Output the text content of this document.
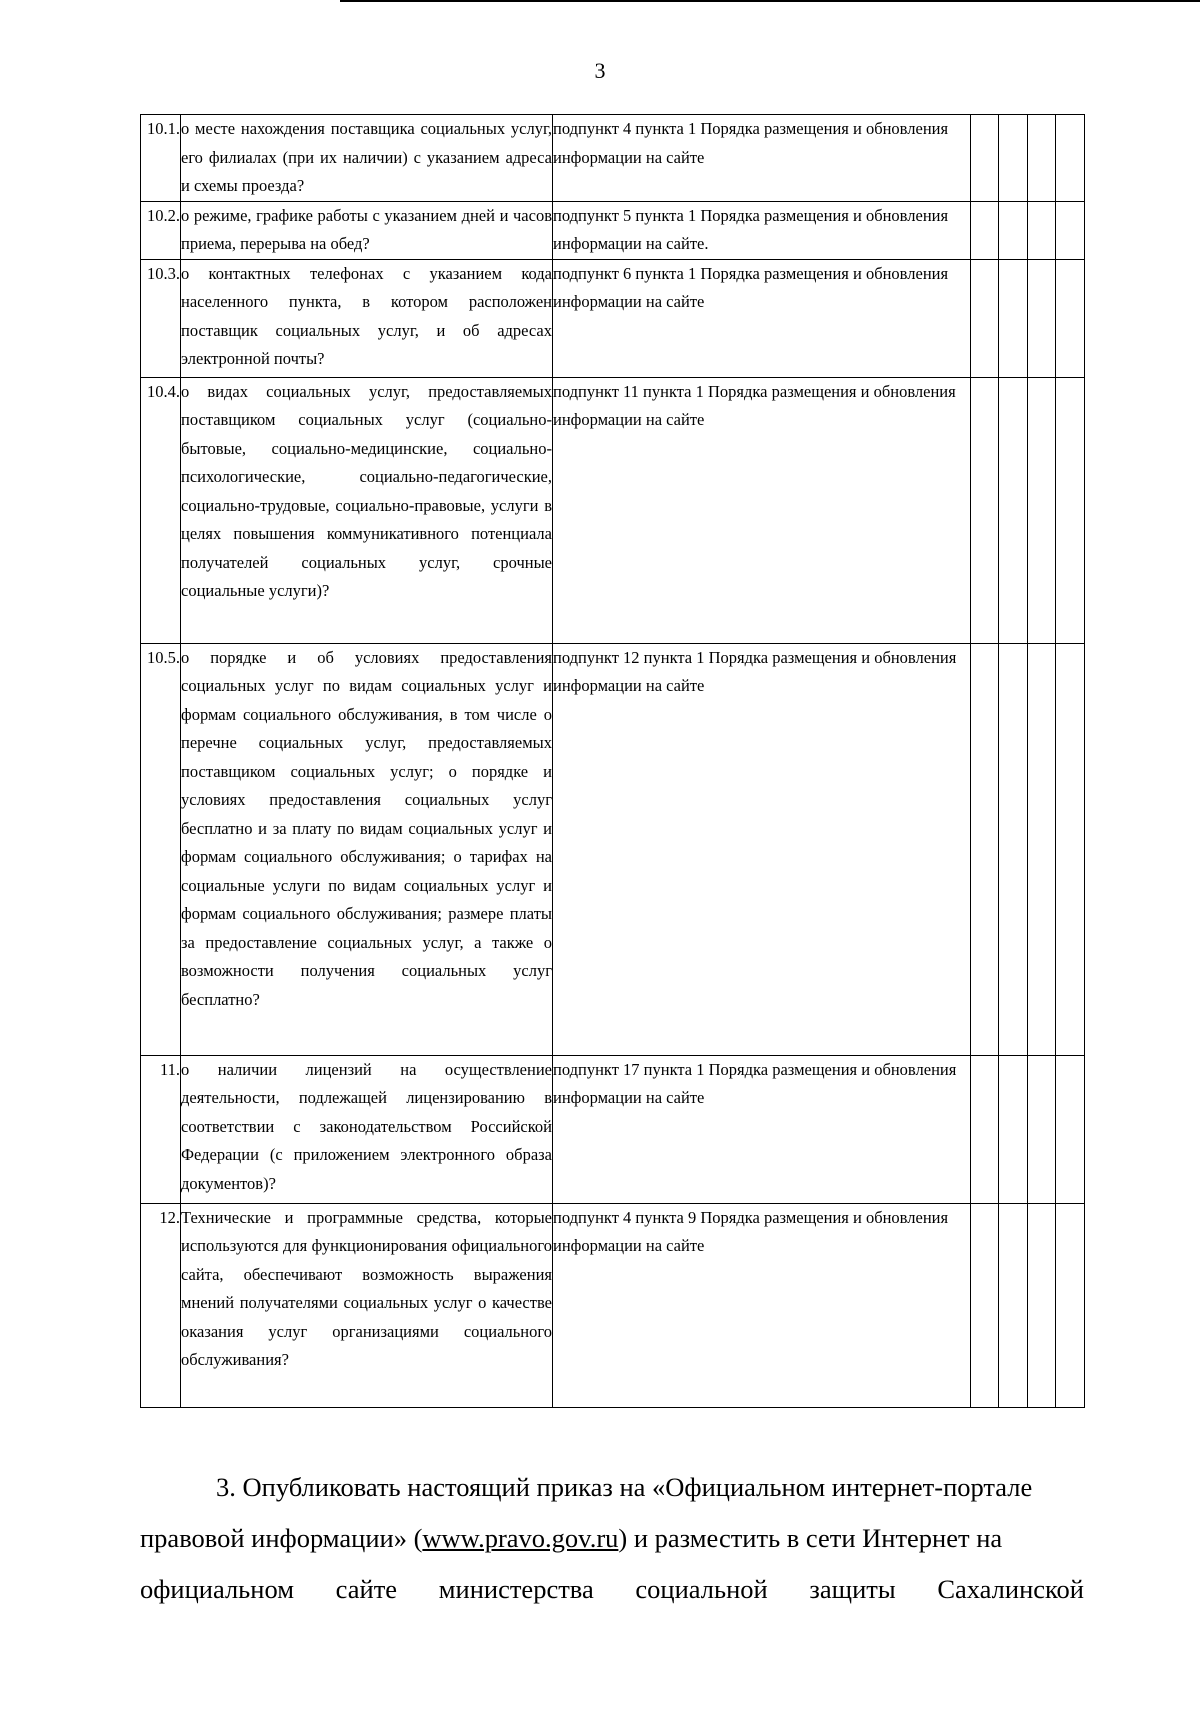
3
10.1.	о месте нахождения поставщика социальных услуг, его филиалах (при их наличии) с указанием адреса и схемы проезда?	подпункт 4 пункта 1 Порядка размещения и обновления информации на сайте				
10.2.	о режиме, графике работы с указанием дней и часов приема, перерыва на обед?	подпункт 5 пункта 1 Порядка размещения и обновления информации на сайте.				
10.3.	о контактных телефонах с указанием кода населенного пункта, в котором расположен поставщик социальных услуг, и об адресах электронной почты?	подпункт 6 пункта 1 Порядка размещения и обновления информации на сайте				
10.4.	о видах социальных услуг, предоставляемых поставщиком социальных услуг (социально-бытовые, социально-медицинские, социально-психологические, социально-педагогические, социально-трудовые, социально-правовые, услуги в целях повышения коммуникативного потенциала получателей социальных услуг, срочные социальные услуги)?	подпункт 11 пункта 1 Порядка размещения и обновления информации на сайте				
10.5.	о порядке и об условиях предоставления социальных услуг по видам социальных услуг и формам социального обслуживания, в том числе о перечне социальных услуг, предоставляемых поставщиком социальных услуг; о порядке и условиях предоставления социальных услуг бесплатно и за плату по видам социальных услуг и формам социального обслуживания; о тарифах на социальные услуги по видам социальных услуг и формам социального обслуживания; размере платы за предоставление социальных услуг, а также о возможности получения социальных услуг бесплатно?	подпункт 12 пункта 1 Порядка размещения и обновления информации на сайте				
11.	о наличии лицензий на осуществление деятельности, подлежащей лицензированию в соответствии с законодательством Российской Федерации (с приложением электронного образа документов)?	подпункт 17 пункта 1 Порядка размещения и обновления информации на сайте				
12.	Технические и программные средства, которые используются для функционирования официального сайта, обеспечивают возможность выражения мнений получателями социальных услуг о качестве оказания услуг организациями социального обслуживания?	подпункт 4 пункта 9 Порядка размещения и обновления информации на сайте				
3. Опубликовать настоящий приказ на «Официальном интернет-портале
правовой информации» (www.pravo.gov.ru) и разместить в сети Интернет на
официальном сайте министерства социальной защиты Сахалинской
